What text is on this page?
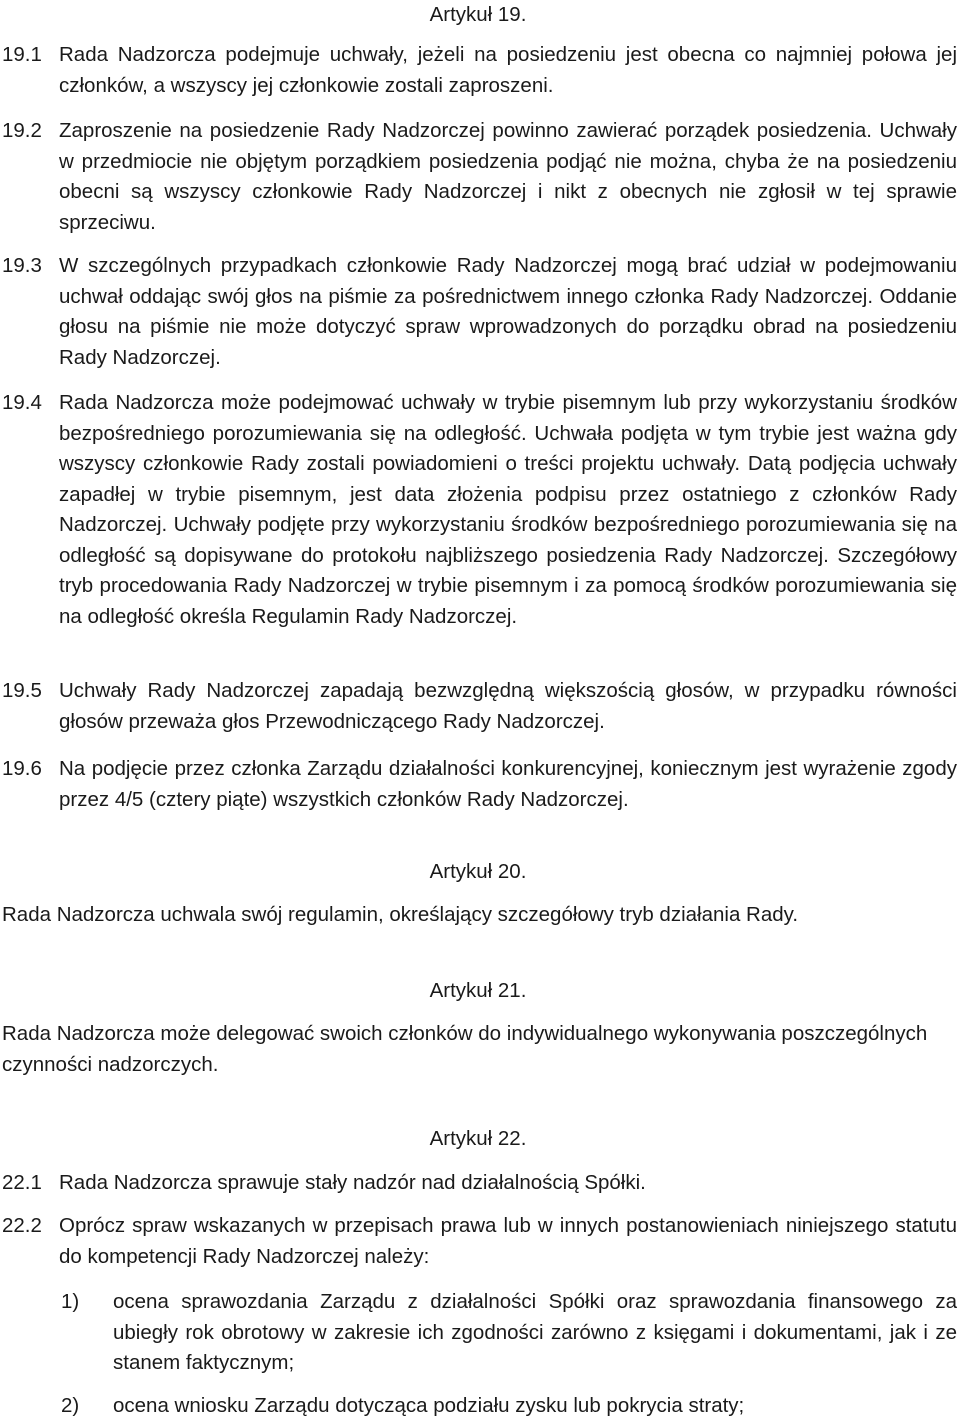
Artykuł 19.
19.1 Rada Nadzorcza podejmuje uchwały, jeżeli na posiedzeniu jest obecna co najmniej połowa jej członków, a wszyscy jej członkowie zostali zaproszeni.
19.2 Zaproszenie na posiedzenie Rady Nadzorczej powinno zawierać porządek posiedzenia. Uchwały w przedmiocie nie objętym porządkiem posiedzenia podjąć nie można, chyba że na posiedzeniu obecni są wszyscy członkowie Rady Nadzorczej i nikt z obecnych nie zgłosił w tej sprawie sprzeciwu.
19.3 W szczególnych przypadkach członkowie Rady Nadzorczej mogą brać udział w podejmowaniu uchwał oddając swój głos na piśmie za pośrednictwem innego członka Rady Nadzorczej. Oddanie głosu na piśmie nie może dotyczyć spraw wprowadzonych do porządku obrad na posiedzeniu Rady Nadzorczej.
19.4 Rada Nadzorcza może podejmować uchwały w trybie pisemnym lub przy wykorzystaniu środków bezpośredniego porozumiewania się na odległość. Uchwała podjęta w tym trybie jest ważna gdy wszyscy członkowie Rady zostali powiadomieni o treści projektu uchwały. Datą podjęcia uchwały zapadłej w trybie pisemnym, jest data złożenia podpisu przez ostatniego z członków Rady Nadzorczej. Uchwały podjęte przy wykorzystaniu środków bezpośredniego porozumiewania się na odległość są dopisywane do protokołu najbliższego posiedzenia Rady Nadzorczej. Szczegółowy tryb procedowania Rady Nadzorczej w trybie pisemnym i za pomocą środków porozumiewania się na odległość określa Regulamin Rady Nadzorczej.
19.5 Uchwały Rady Nadzorczej zapadają bezwzględną większością głosów, w przypadku równości głosów przeważa głos Przewodniczącego Rady Nadzorczej.
19.6 Na podjęcie przez członka Zarządu działalności konkurencyjnej, koniecznym jest wyrażenie zgody przez 4/5 (cztery piąte) wszystkich członków Rady Nadzorczej.
Artykuł 20.
Rada Nadzorcza uchwala swój regulamin, określający szczegółowy tryb działania Rady.
Artykuł 21.
Rada Nadzorcza może delegować swoich członków do indywidualnego wykonywania poszczególnych czynności nadzorczych.
Artykuł 22.
22.1 Rada Nadzorcza sprawuje stały nadzór nad działalnością Spółki.
22.2 Oprócz spraw wskazanych w przepisach prawa lub w innych postanowieniach niniejszego statutu do kompetencji Rady Nadzorczej należy:
1) ocena sprawozdania Zarządu z działalności Spółki oraz sprawozdania finansowego za ubiegły rok obrotowy w zakresie ich zgodności zarówno z księgami i dokumentami, jak i ze stanem faktycznym;
2) ocena wniosku Zarządu dotycząca podziału zysku lub pokrycia straty;
